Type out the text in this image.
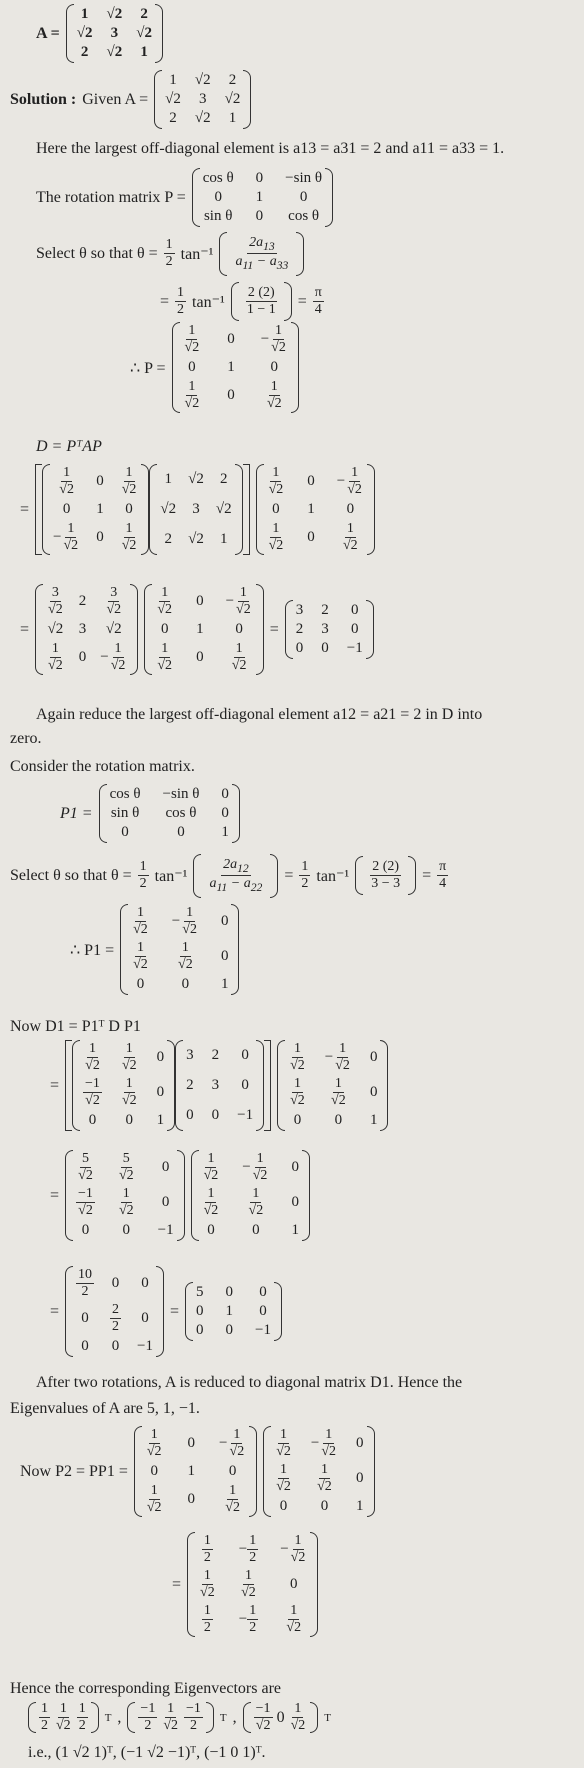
A =
1 √2 2
√2 3 √2
2 √2 1
Solution : Given A =
1 √2 2
√2 3 √2
2 √2 1
Here the largest off-diagonal element is a13 = a31 = 2 and a11 = a33 = 1.
The rotation matrix P =
cos θ 0 −sin θ
0 1 0
sin θ 0 cos θ
Select θ so that $\theta = \frac{1}{2} \tan^{-1} \frac{2a_{13}}{a_{11} - a_{33}}$
= $\frac{1}{2} \tan^{-1} \frac{2 (2)}{1 - 1} = \frac{\pi}{4}$
∴ P =
$\frac{1}{√2} 0 - \frac{1}{√2}$
0 1 0
$\frac{1}{√2} 0 \frac{1}{√2}$
D = PᵀAP
=
$\frac{1}{√2} 0 \frac{1}{√2}$
0 1 0
− $\frac{1}{√2} 0 \frac{1}{√2}$
1 √2 2
√2 3 √2
2 √2 1
$\frac{1}{√2} 0 - \frac{1}{√2}$
0 1 0
$\frac{1}{√2} 0 \frac{1}{√2}$
=
$\frac{3}{√2} 2 \frac{3}{√2}$
√2 3 √2
$\frac{1}{√2} 0 - \frac{1}{√2}$
$\frac{1}{√2} 0 - \frac{1}{√2}$
0 1 0
$\frac{1}{√2} 0 \frac{1}{√2}$
=
3 2 0
2 3 0
0 0 −1
Again reduce the largest off-diagonal element a12 = a21 = 2 in D into
zero.
Consider the rotation matrix.
P1 =
cos θ −sin θ 0
sin θ cos θ 0
0	0 1
Select θ so that $\theta = \frac{1}{2} \tan^{-1} \frac{2a_{12}}{a_{11} - a_{22}} = \frac{1}{2} \tan^{-1} \frac{2 (2)}{3 - 3} = \frac{\pi}{4}$
∴ P1 =
$\frac{1}{√2} - \frac{1}{√2} 0$
$\frac{1}{√2} \frac{1}{√2} 0$
0 0 1
Now D1 = P1ᵀ D P1
=
$\frac{1}{√2} \frac{1}{√2} 0$
$\frac{-1}{√2} \frac{1}{√2} 0$
0 0 1
3 2 0
2 3 0
0 0 −1
$\frac{1}{√2} - \frac{1}{√2} 0$
$\frac{1}{√2} \frac{1}{√2} 0$
0 0 1
=
$\frac{5}{√2} \frac{5}{√2} 0$
$\frac{-1}{√2} \frac{1}{√2} 0$
0 0 −1
$\frac{1}{√2} - \frac{1}{√2} 0$
$\frac{1}{√2} \frac{1}{√2} 0$
0 0 1
=
$\frac{10}{2} 0$ 0
$0 \frac{2}{2} 0$
0 0 −1
=
5 0 0
0 1 0
0 0 −1
After two rotations, A is reduced to diagonal matrix D1. Hence the
Eigenvalues of A are 5, 1, −1.
Now P2 = PP1 =
$\frac{1}{√2} 0 - \frac{1}{√2}$
0 1 0
$\frac{1}{√2} 0 \frac{1}{√2}$
$\frac{1}{√2} - \frac{1}{√2} 0$
$\frac{1}{√2} \frac{1}{√2} 0$
0 0 1
=
$\frac{1}{2} - \frac{1}{2} - \frac{1}{√2}$
$\frac{1}{√2} \frac{1}{√2} 0$
$\frac{1}{2} - \frac{1}{2} \frac{1}{√2}$
Hence the corresponding Eigenvectors are
$\frac{1}{2} \frac{1}{√2} \frac{1}{2}$ T , $\frac{-1}{2} \frac{1}{√2} \frac{-1}{2}$ T , $\frac{-1}{√2} 0 \frac{1}{√2}$ T
i.e., (1 √2 1)ᵀ, (−1 √2 −1)ᵀ, (−1 0 1)ᵀ.
